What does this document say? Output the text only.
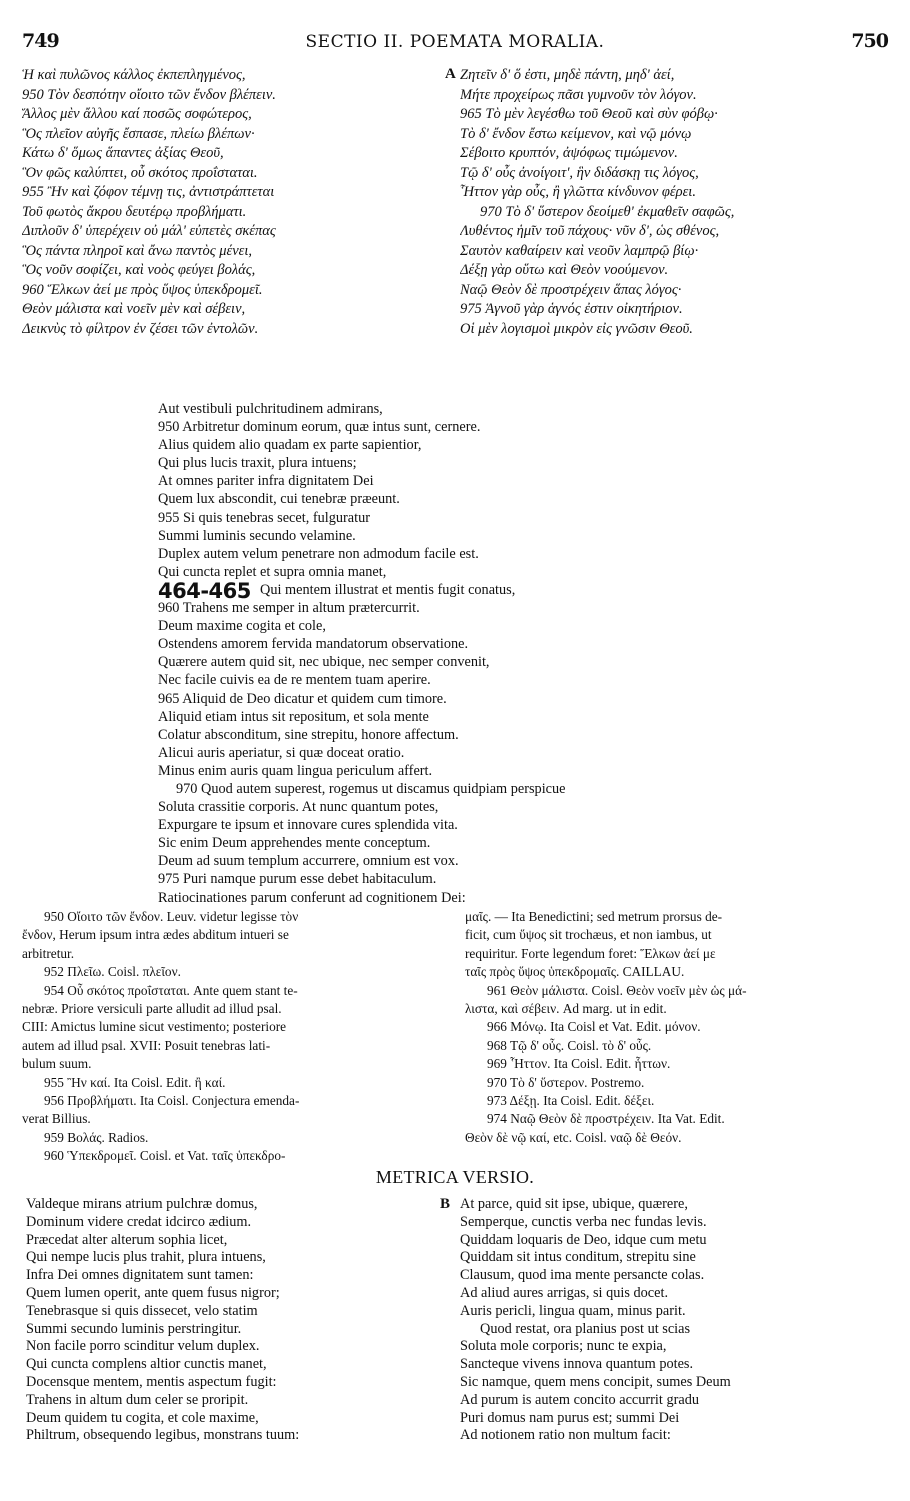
749	SECTIO II. POEMATA MORALIA.	750
Ἡ καὶ πυλῶνος κάλλος ἐκπεπληγμένος,
950 Τὸν δεσπότην οἴοιτο τῶν ἔνδον βλέπειν.
Ἄλλος μὲν ἄλλου καί ποσῶς σοφώτερος,
Ὃς πλεῖον αὐγῆς ἔσπασε, πλείω βλέπων·
Κάτω δ' ὅμως ἅπαντες ἀξίας Θεοῦ,
Ὃν φῶς καλύπτει, οὗ σκότος προΐσταται.
955 Ἢν καὶ ζόφον τέμνῃ τις, ἀντιστράπτεται
Τοῦ φωτὸς ἄκρου δευτέρῳ προβλήματι.
Διπλοῦν δ' ὑπερέχειν οὐ μάλ' εὐπετὲς σκέπας
Ὃς πάντα πληροῖ καὶ ἄνω παντὸς μένει,
Ὃς νοῦν σοφίζει, καὶ νοὸς φεύγει βολάς,
960 Ἕλκων ἀεί με πρὸς ὕψος ὑπεκδρομεῖ.
Θεὸν μάλιστα καὶ νοεῖν μὲν καὶ σέβειν,
Δεικνὺς τὸ φίλτρον ἐν ζέσει τῶν ἐντολῶν.
A Ζητεῖν δ' ὅ ἐστι, μηδὲ πάντη, μηδ' ἀεί,
Μήτε προχείρως πᾶσι γυμνοῦν τὸν λόγον.
965 Τὸ μὲν λεγέσθω τοῦ Θεοῦ καὶ σὺν φόβῳ·
Τὸ δ' ἔνδον ἔστω κείμενον, καὶ νῷ μόνῳ
Σέβοιτο κρυπτόν, ἀψόφως τιμώμενον.
Τῷ δ' οὖς ἀνοίγοιτ', ἣν διδάσκῃ τις λόγος,
Ἧττον γὰρ οὖς, ἢ γλῶττα κίνδυνον φέρει.
970 Τὸ δ' ὕστερον δεοίμεθ' ἐκμαθεῖν σαφῶς,
Λυθέντος ἡμῖν τοῦ πάχους· νῦν δ', ὡς σθένος,
Σαυτὸν καθαίρειν καὶ νεοῦν λαμπρῷ βίῳ·
Δέξῃ γὰρ οὕτω καὶ Θεὸν νοούμενον.
Ναῷ Θεὸν δὲ προστρέχειν ἅπας λόγος·
975 Ἁγνοῦ γὰρ ἁγνός ἐστιν οἰκητήριον.
Οἱ μὲν λογισμοὶ μικρὸν εἰς γνῶσιν Θεοῦ.
Aut vestibuli pulchritudinem admirans,
950 Arbitretur dominum eorum, quæ intus sunt, cernere.
Alius quidem alio quadam ex parte sapientior,
Qui plus lucis traxit, plura intuens;
At omnes pariter infra dignitatem Dei
Quem lux abscondit, cui tenebræ præeunt.
955 Si quis tenebras secet, fulguratur
Summi luminis secundo velamine.
Duplex autem velum penetrare non admodum facile est.
Qui cuncta replet et supra omnia manet,
Qui mentem illustrat et mentis fugit conatus,
960 Trahens me semper in altum prætercurrit.
Deum maxime cogita et cole,
Ostendens amorem fervida mandatorum observatione.
Quærere autem quid sit, nec ubique, nec semper convenit,
Nec facile cuivis ea de re mentem tuam aperire.
965 Aliquid de Deo dicatur et quidem cum timore.
Aliquid etiam intus sit repositum, et sola mente
Colatur absconditum, sine strepitu, honore affectum.
Alicui auris aperiatur, si quæ doceat oratio.
Minus enim auris quam lingua periculum affert.
970 Quod autem superest, rogemus ut discamus quidpiam perspicue
Soluta crassitie corporis. At nunc quantum potes,
Expurgare te ipsum et innovare cures splendida vita.
Sic enim Deum apprehendes mente conceptum.
Deum ad suum templum accurrere, omnium est vox.
975 Puri namque purum esse debet habitaculum.
Ratiocinationes parum conferunt ad cognitionem Dei:
464-465
950 Οἴοιτο τῶν ἔνδον. Leuv. videtur legisse τὸν
ἔνδον, Herum ipsum intra ædes abditum intueri se
arbitretur.
952 Πλεῖω. Coisl. πλεῖον.
954 Οὗ σκότος προΐσταται. Ante quem stant te-
nebræ. Priore versiculi parte alludit ad illud psal.
CIII: Amictus lumine sicut vestimento; posteriore
autem ad illud psal. XVII: Posuit tenebras lati-
bulum suum.
955 Ἢν καί. Ita Coisl. Edit. ἢ καί.
956 Προβλήματι. Ita Coisl. Conjectura emenda-
verat Billius.
959 Βολάς. Radios.
960 Ὑπεκδρομεῖ. Coisl. et Vat. ταῖς ὑπεκδρο-
μαῖς. — Ita Benedictini; sed metrum prorsus de-
ficit, cum ὕψος sit trochæus, et non iambus, ut
requiritur. Forte legendum foret: Ἕλκων ἀεί με
ταῖς πρὸς ὕψος ὑπεκδρομαῖς. CAILLAU.
961 Θεὸν μάλιστα. Coisl. Θεὸν νοεῖν μὲν ὡς μά-
λιστα, καὶ σέβειν. Ad marg. ut in edit.
966 Μόνῳ. Ita Coisl et Vat. Edit. μόνον.
968 Τῷ δ' οὖς. Coisl. τὸ δ' οὖς.
969 Ἧττον. Ita Coisl. Edit. ἧττων.
970 Τὸ δ' ὕστερον. Postremo.
973 Δέξῃ. Ita Coisl. Edit. δέξει.
974 Ναῷ Θεὸν δὲ προστρέχειν. Ita Vat. Edit.
Θεὸν δὲ νῷ καί, etc. Coisl. ναῷ δὲ Θεόν.
METRICA VERSIO.
Valdeque mirans atrium pulchræ domus,
Dominum videre credat idcirco ædium.
Præcedat alter alterum sophia licet,
Qui nempe lucis plus trahit, plura intuens,
Infra Dei omnes dignitatem sunt tamen:
Quem lumen operit, ante quem fusus nigror;
Tenebrasque si quis dissecet, velo statim
Summi secundo luminis perstringitur.
Non facile porro scinditur velum duplex.
Qui cuncta complens altior cunctis manet,
Docensque mentem, mentis aspectum fugit:
Trahens in altum dum celer se proripit.
Deum quidem tu cogita, et cole maxime,
Philtrum, obsequendo legibus, monstrans tuum:
B At parce, quid sit ipse, ubique, quærere,
Semperque, cunctis verba nec fundas levis.
Quiddam loquaris de Deo, idque cum metu
Quiddam sit intus conditum, strepitu sine
Clausum, quod ima mente persancte colas.
Ad aliud aures arrigas, si quis docet.
Auris pericli, lingua quam, minus parit.
Quod restat, ora planius post ut scias
Soluta mole corporis; nunc te expia,
Sancteque vivens innova quantum potes.
Sic namque, quem mens concipit, sumes Deum
Ad purum is autem concito accurrit gradu
Puri domus nam purus est; summi Dei
Ad notionem ratio non multum facit:
